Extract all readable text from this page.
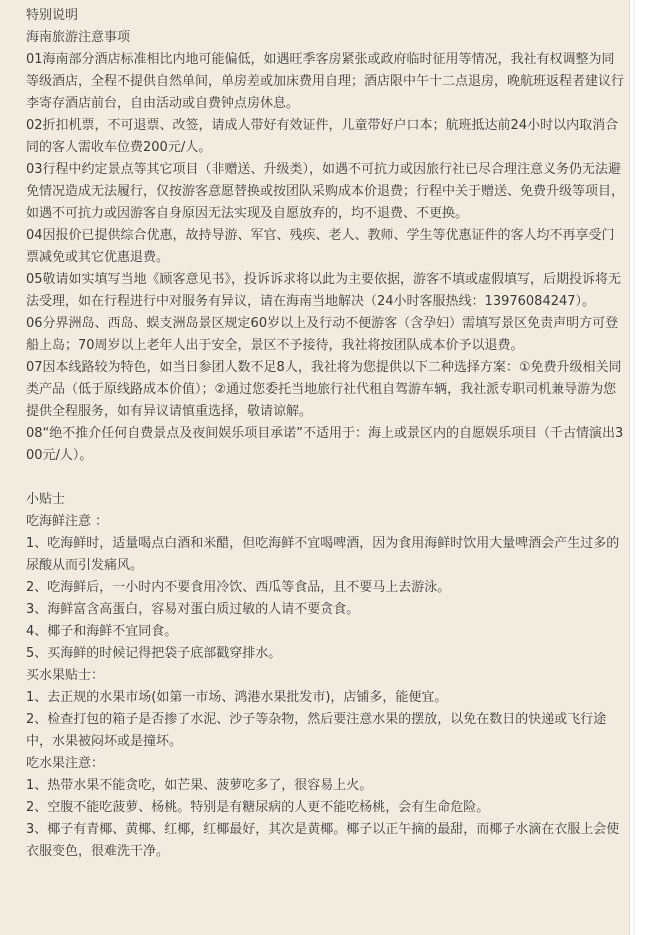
特别说明

海南旅游注意事项

01海南部分酒店标准相比内地可能偏低，如遇旺季客房紧张或政府临时征用等情况，我社有权调整为同等级酒店，全程不提供自然单间，单房差或加床费用自理；酒店限中午十二点退房，晚航班返程者建议行李寄存酒店前台，自由活动或自费钟点房休息。

02折扣机票，不可退票、改签，请成人带好有效证件，儿童带好户口本；航班抵达前24小时以内取消合同的客人需收车位费200元/人。

03行程中约定景点等其它项目（非赠送、升级类），如遇不可抗力或因旅行社已尽合理注意义务仍无法避免情况造成无法履行，仅按游客意愿替换或按团队采购成本价退费；行程中关于赠送、免费升级等项目，如遇不可抗力或因游客自身原因无法实现及自愿放弃的，均不退费、不更换。

04因报价已提供综合优惠，故持导游、军官、残疾、老人、教师、学生等优惠证件的客人均不再享受门票减免或其它优惠退费。

05敬请如实填写当地《顾客意见书》，投诉诉求将以此为主要依据，游客不填或虚假填写，后期投诉将无法受理，如在行程进行中对服务有异议，请在海南当地解决（24小时客服热线：13976084247）。

06分界洲岛、西岛、蜈支洲岛景区规定60岁以上及行动不便游客（含孕妇）需填写景区免责声明方可登船上岛；70周岁以上老年人出于安全，景区不予接待，我社将按团队成本价予以退费。

07因本线路较为特色，如当日参团人数不足8人，我社将为您提供以下二种选择方案：①免费升级相关同类产品（低于原线路成本价值）；②通过您委托当地旅行社代租自驾游车辆，我社派专职司机兼导游为您提供全程服务，如有异议请慎重选择，敬请谅解。

08“绝不推介任何自费景点及夜间娱乐项目承诺”不适用于：海上或景区内的自愿娱乐项目（千古情演出300元/人）。

小贴士

吃海鲜注意 ：

1、吃海鲜时，适量喝点白酒和米醋，但吃海鲜不宜喝啤酒，因为食用海鲜时饮用大量啤酒会产生过多的尿酸从而引发痛风。

2、吃海鲜后，一小时内不要食用冷饮、西瓜等食品，且不要马上去游泳。

3、海鲜富含高蛋白，容易对蛋白质过敏的人请不要贪食。

4、椰子和海鲜不宜同食。

5、买海鲜的时候记得把袋子底部戳穿排水。

买水果贴士：

1、去正规的水果市场(如第一市场、鸿港水果批发市)，店铺多，能便宜。

2、检查打包的箱子是否掺了水泥、沙子等杂物，然后要注意水果的摆放，以免在数日的快递或飞行途中，水果被闷坏或是撞坏。

吃水果注意：

1、热带水果不能贪吃，如芒果、菠萝吃多了，很容易上火。

2、空腹不能吃菠萝、杨桃。特别是有糖尿病的人更不能吃杨桃，会有生命危险。

3、椰子有青椰、黄椰、红椰，红椰最好，其次是黄椰。椰子以正午摘的最甜，而椰子水滴在衣服上会使衣服变色，很难洗干净。
